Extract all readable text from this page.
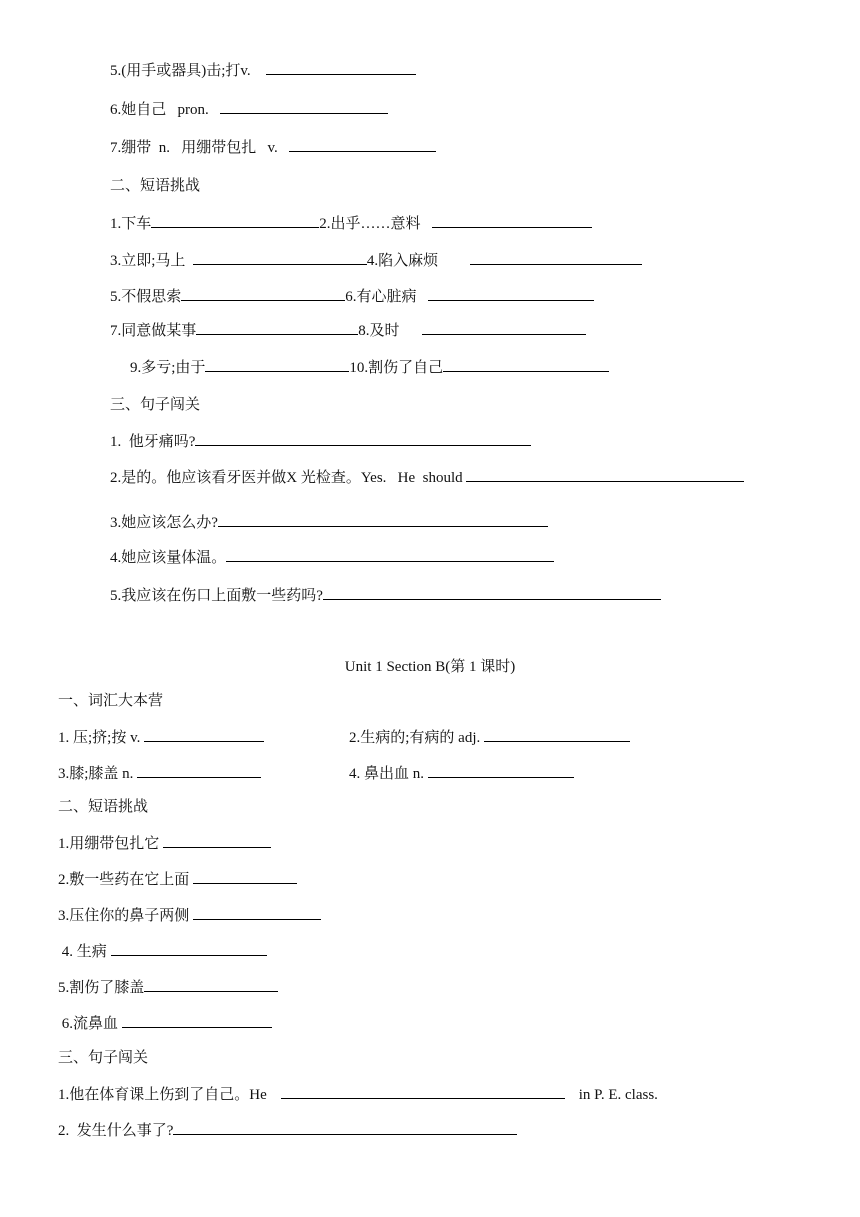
5.(用手或器具)击;打v.
6.她自己   pron.
7.绷带  n.   用绷带包扎   v.
二、短语挑战
1.下车	2.出乎……意料
3.立即;马上	4.陷入麻烦
5.不假思索	6.有心脏病
7.同意做某事	8.及时
9.多亏;由于	10.割伤了自己
三、句子闯关
1.  他牙痛吗?
2.是的。他应该看牙医并做X 光检查。Yes.   He  should
3.她应该怎么办?
4.她应该量体温。
5.我应该在伤口上面敷一些药吗?
Unit 1 Section B(第 1 课时)
一、词汇大本营
1. 压;挤;按 v.	2.生病的;有病的 adj.
3.膝;膝盖 n.	4. 鼻出血 n.
二、短语挑战
1.用绷带包扎它
2.敷一些药在它上面
3.压住你的鼻子两侧
4. 生病
5.割伤了膝盖
6.流鼻血
三、句子闯关
1.他在体育课上伤到了自己。He	in P. E. class.
2.  发生什么事了?
